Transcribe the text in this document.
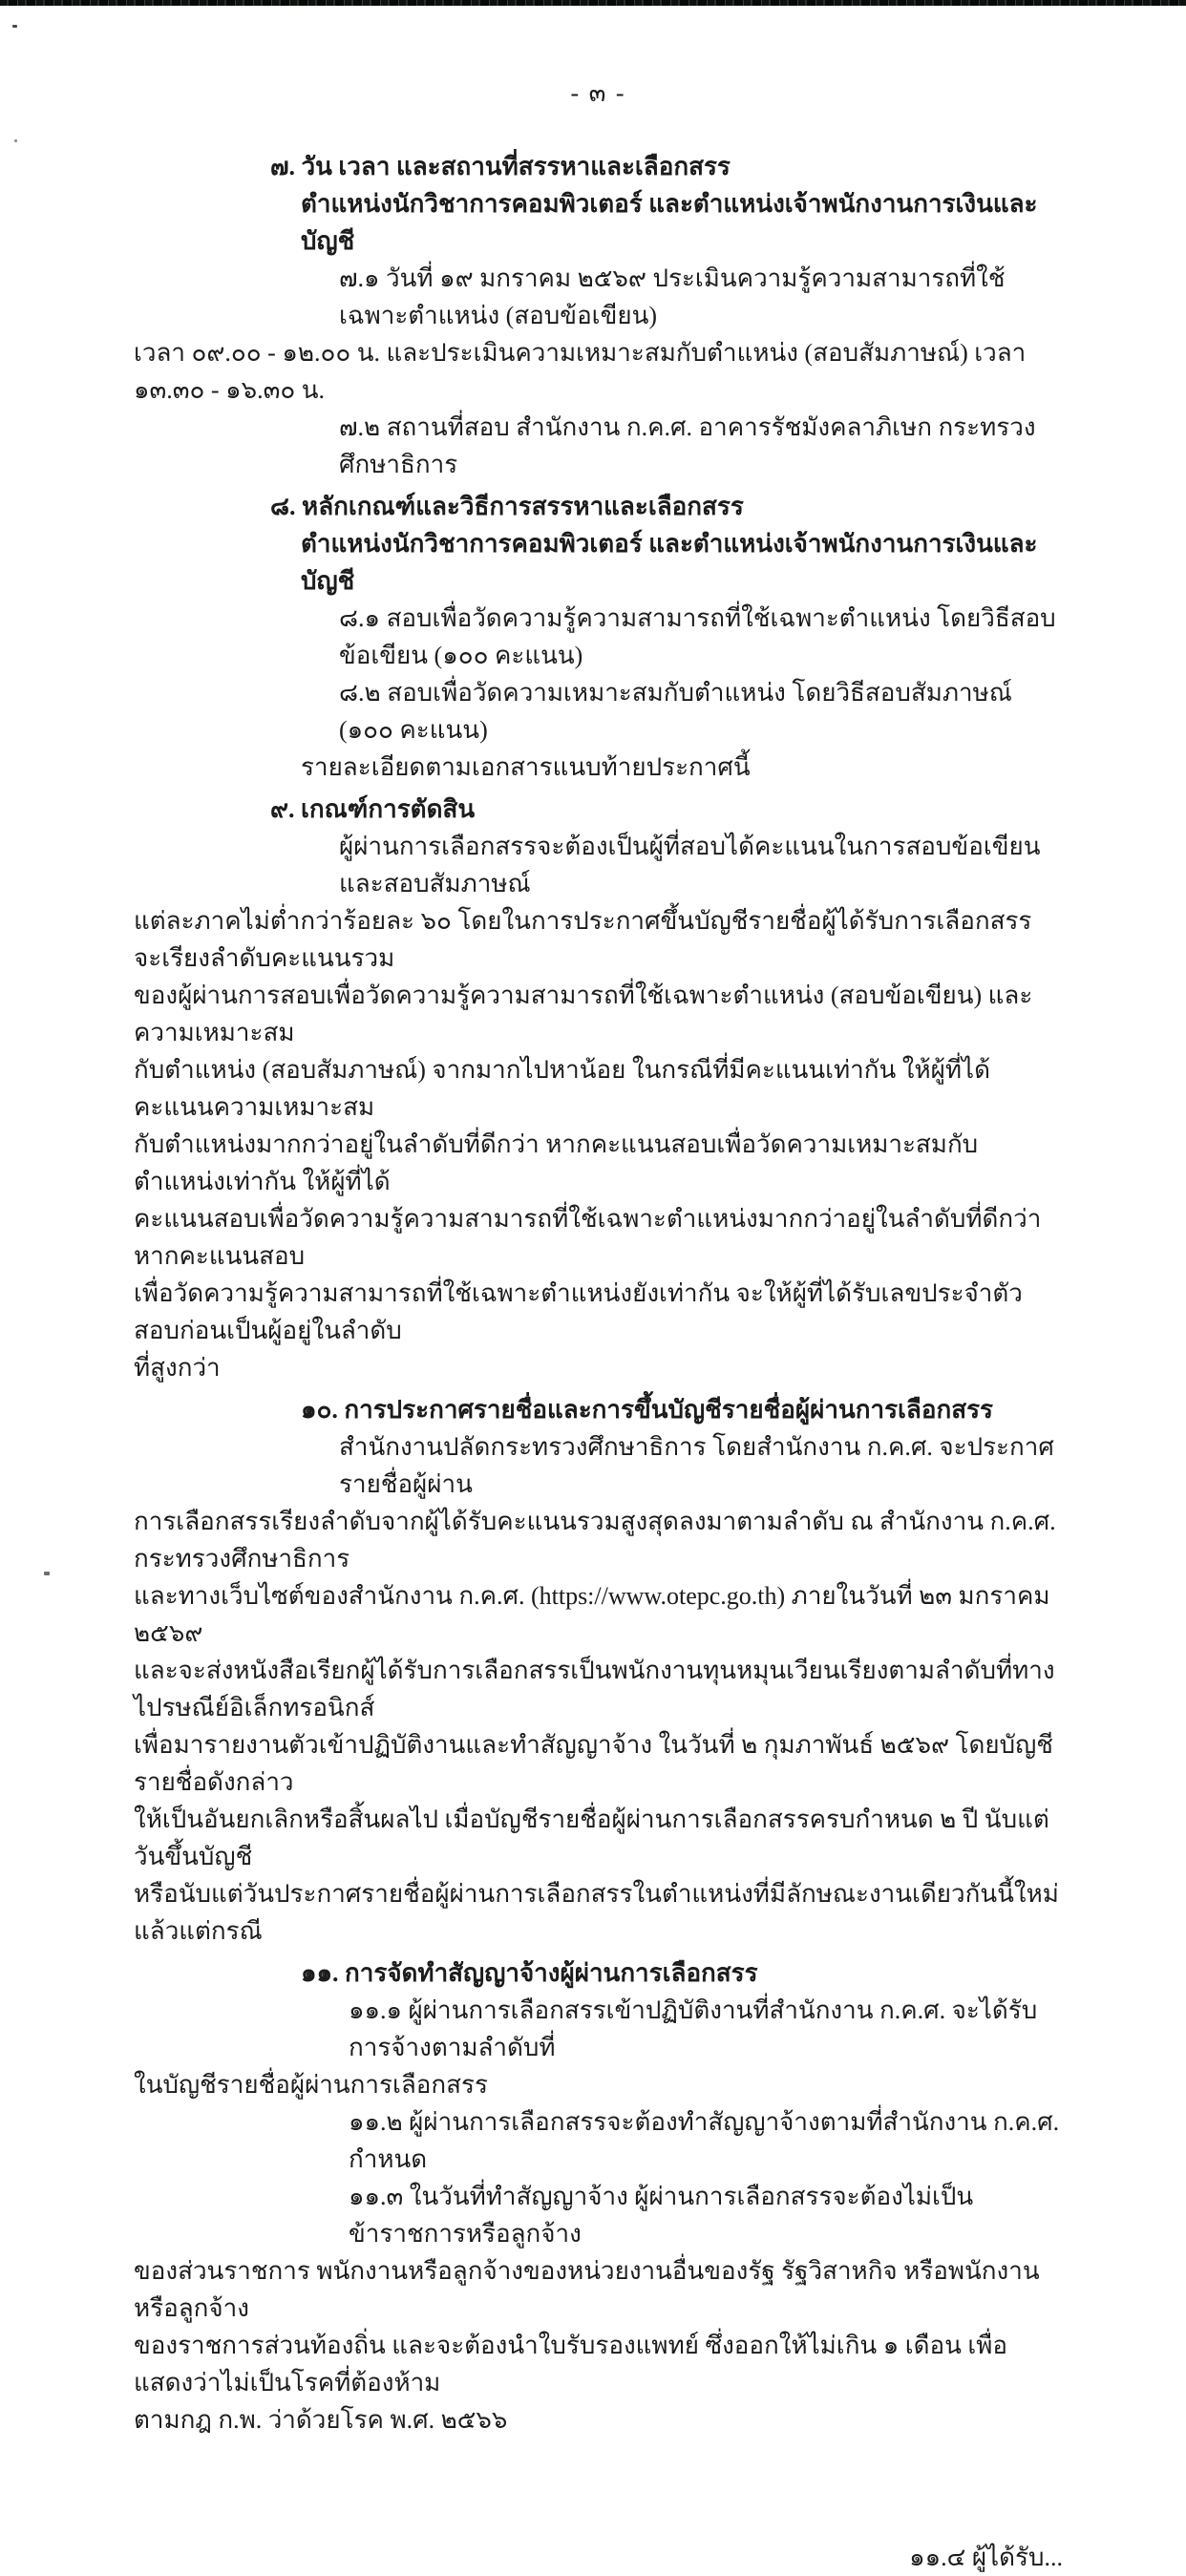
- ๓ -
๗. วัน เวลา และสถานที่สรรหาและเลือกสรร
ตำแหน่งนักวิชาการคอมพิวเตอร์ และตำแหน่งเจ้าพนักงานการเงินและบัญชี
๗.๑ วันที่ ๑๙ มกราคม ๒๕๖๙ ประเมินความรู้ความสามารถที่ใช้เฉพาะตำแหน่ง (สอบข้อเขียน)
เวลา ๐๙.๐๐ - ๑๒.๐๐ น. และประเมินความเหมาะสมกับตำแหน่ง (สอบสัมภาษณ์) เวลา ๑๓.๓๐ - ๑๖.๓๐ น.
๗.๒ สถานที่สอบ สำนักงาน ก.ค.ศ. อาคารรัชมังคลาภิเษก กระทรวงศึกษาธิการ
๘. หลักเกณฑ์และวิธีการสรรหาและเลือกสรร
ตำแหน่งนักวิชาการคอมพิวเตอร์ และตำแหน่งเจ้าพนักงานการเงินและบัญชี
๘.๑ สอบเพื่อวัดความรู้ความสามารถที่ใช้เฉพาะตำแหน่ง โดยวิธีสอบข้อเขียน (๑๐๐ คะแนน)
๘.๒ สอบเพื่อวัดความเหมาะสมกับตำแหน่ง โดยวิธีสอบสัมภาษณ์ (๑๐๐ คะแนน)
รายละเอียดตามเอกสารแนบท้ายประกาศนี้
๙. เกณฑ์การตัดสิน
ผู้ผ่านการเลือกสรรจะต้องเป็นผู้ที่สอบได้คะแนนในการสอบข้อเขียนและสอบสัมภาษณ์
แต่ละภาคไม่ต่ำกว่าร้อยละ ๖๐ โดยในการประกาศขึ้นบัญชีรายชื่อผู้ได้รับการเลือกสรร จะเรียงลำดับคะแนนรวม
ของผู้ผ่านการสอบเพื่อวัดความรู้ความสามารถที่ใช้เฉพาะตำแหน่ง (สอบข้อเขียน) และความเหมาะสม
กับตำแหน่ง (สอบสัมภาษณ์) จากมากไปหาน้อย ในกรณีที่มีคะแนนเท่ากัน ให้ผู้ที่ได้คะแนนความเหมาะสม
กับตำแหน่งมากกว่าอยู่ในลำดับที่ดีกว่า หากคะแนนสอบเพื่อวัดความเหมาะสมกับตำแหน่งเท่ากัน ให้ผู้ที่ได้
คะแนนสอบเพื่อวัดความรู้ความสามารถที่ใช้เฉพาะตำแหน่งมากกว่าอยู่ในลำดับที่ดีกว่า หากคะแนนสอบ
เพื่อวัดความรู้ความสามารถที่ใช้เฉพาะตำแหน่งยังเท่ากัน จะให้ผู้ที่ได้รับเลขประจำตัวสอบก่อนเป็นผู้อยู่ในลำดับ
ที่สูงกว่า
๑๐. การประกาศรายชื่อและการขึ้นบัญชีรายชื่อผู้ผ่านการเลือกสรร
สำนักงานปลัดกระทรวงศึกษาธิการ โดยสำนักงาน ก.ค.ศ. จะประกาศรายชื่อผู้ผ่าน
การเลือกสรรเรียงลำดับจากผู้ได้รับคะแนนรวมสูงสุดลงมาตามลำดับ ณ สำนักงาน ก.ค.ศ. กระทรวงศึกษาธิการ
และทางเว็บไซต์ของสำนักงาน ก.ค.ศ. (https://www.otepc.go.th) ภายในวันที่ ๒๓ มกราคม ๒๕๖๙
และจะส่งหนังสือเรียกผู้ได้รับการเลือกสรรเป็นพนักงานทุนหมุนเวียนเรียงตามลำดับที่ทางไปรษณีย์อิเล็กทรอนิกส์
เพื่อมารายงานตัวเข้าปฏิบัติงานและทำสัญญาจ้าง ในวันที่ ๒ กุมภาพันธ์ ๒๕๖๙ โดยบัญชีรายชื่อดังกล่าว
ให้เป็นอันยกเลิกหรือสิ้นผลไป เมื่อบัญชีรายชื่อผู้ผ่านการเลือกสรรครบกำหนด ๒ ปี นับแต่วันขึ้นบัญชี
หรือนับแต่วันประกาศรายชื่อผู้ผ่านการเลือกสรรในตำแหน่งที่มีลักษณะงานเดียวกันนี้ใหม่แล้วแต่กรณี
๑๑. การจัดทำสัญญาจ้างผู้ผ่านการเลือกสรร
๑๑.๑ ผู้ผ่านการเลือกสรรเข้าปฏิบัติงานที่สำนักงาน ก.ค.ศ. จะได้รับการจ้างตามลำดับที่
ในบัญชีรายชื่อผู้ผ่านการเลือกสรร
๑๑.๒ ผู้ผ่านการเลือกสรรจะต้องทำสัญญาจ้างตามที่สำนักงาน ก.ค.ศ. กำหนด
๑๑.๓ ในวันที่ทำสัญญาจ้าง ผู้ผ่านการเลือกสรรจะต้องไม่เป็นข้าราชการหรือลูกจ้าง
ของส่วนราชการ พนักงานหรือลูกจ้างของหน่วยงานอื่นของรัฐ รัฐวิสาหกิจ หรือพนักงานหรือลูกจ้าง
ของราชการส่วนท้องถิ่น และจะต้องนำใบรับรองแพทย์ ซึ่งออกให้ไม่เกิน ๑ เดือน เพื่อแสดงว่าไม่เป็นโรคที่ต้องห้าม
ตามกฎ ก.พ. ว่าด้วยโรค พ.ศ. ๒๕๖๖
๑๑.๔ ผู้ได้รับ...
